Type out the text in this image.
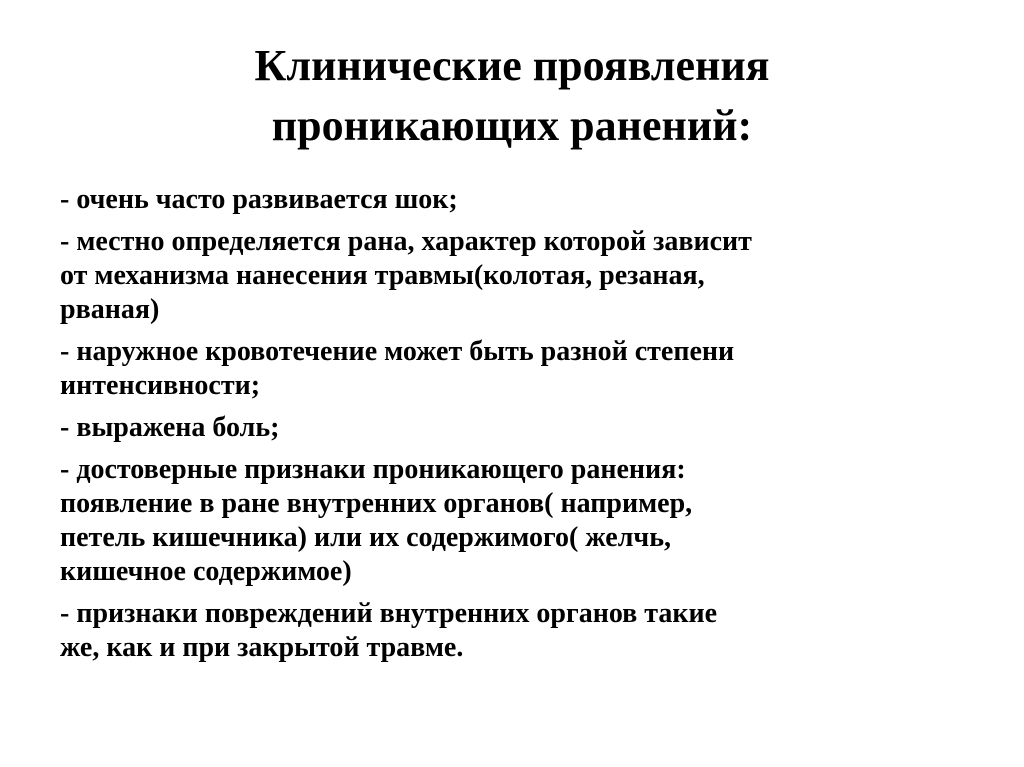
Клинические проявления
проникающих ранений:
- очень часто развивается шок;
- местно определяется рана, характер которой зависит
от механизма нанесения травмы(колотая, резаная,
рваная)
- наружное кровотечение может быть разной степени
интенсивности;
- выражена боль;
- достоверные признаки проникающего ранения:
появление в ране внутренних органов( например,
петель кишечника) или их содержимого( желчь,
кишечное содержимое)
- признаки повреждений внутренних органов такие
же, как и при закрытой травме.
